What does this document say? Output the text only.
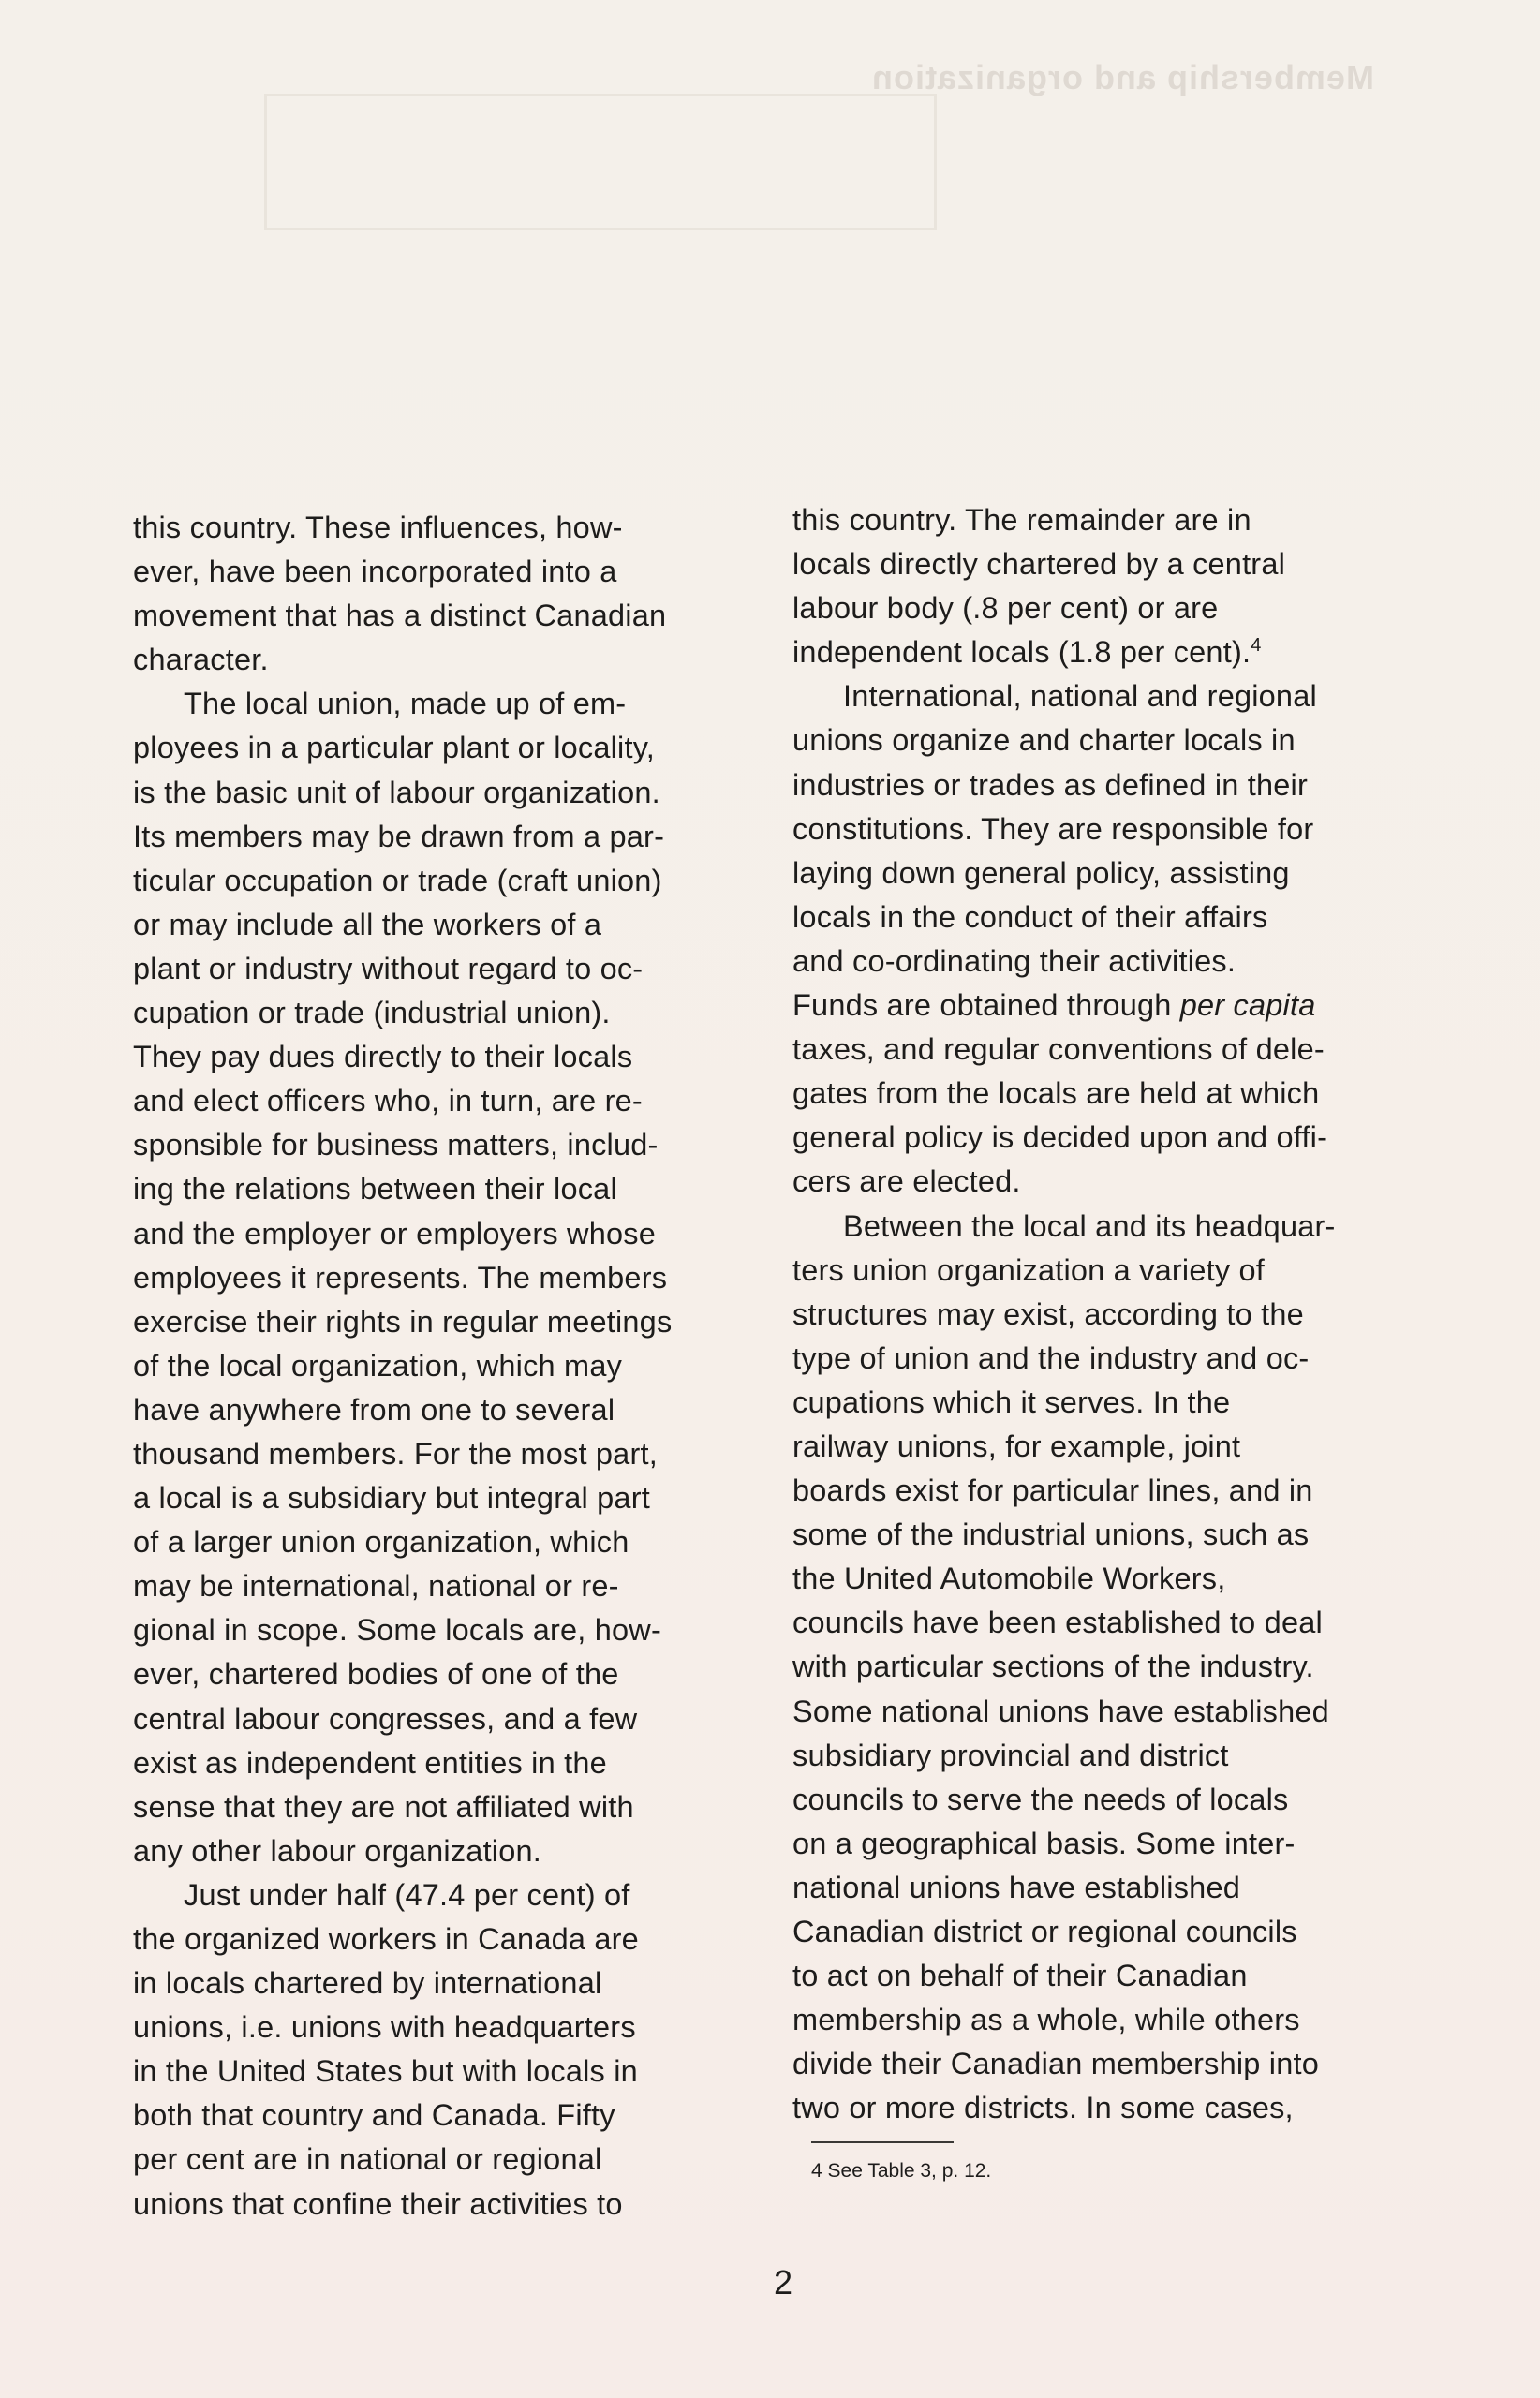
Membership and organization

this country. These influences, how-

ever, have been incorporated into a

movement that has a distinct Canadian

character.

The local union, made up of em-

ployees in a particular plant or locality,

is the basic unit of labour organization.

Its members may be drawn from a par-

ticular occupation or trade (craft union)

or may include all the workers of a

plant or industry without regard to oc-

cupation or trade (industrial union).

They pay dues directly to their locals

and elect officers who, in turn, are re-

sponsible for business matters, includ-

ing the relations between their local

and the employer or employers whose

employees it represents. The members

exercise their rights in regular meetings

of the local organization, which may

have anywhere from one to several

thousand members. For the most part,

a local is a subsidiary but integral part

of a larger union organization, which

may be international, national or re-

gional in scope. Some locals are, how-

ever, chartered bodies of one of the

central labour congresses, and a few

exist as independent entities in the

sense that they are not affiliated with

any other labour organization.

Just under half (47.4 per cent) of

the organized workers in Canada are

in locals chartered by international

unions, i.e. unions with headquarters

in the United States but with locals in

both that country and Canada. Fifty

per cent are in national or regional

unions that confine their activities to

this country. The remainder are in

locals directly chartered by a central

labour body (.8 per cent) or are

independent locals (1.8 per cent).$^4$

International, national and regional

unions organize and charter locals in

industries or trades as defined in their

constitutions. They are responsible for

laying down general policy, assisting

locals in the conduct of their affairs

and co-ordinating their activities.

Funds are obtained through per capita

taxes, and regular conventions of dele-

gates from the locals are held at which

general policy is decided upon and offi-

cers are elected.

Between the local and its headquar-

ters union organization a variety of

structures may exist, according to the

type of union and the industry and oc-

cupations which it serves. In the

railway unions, for example, joint

boards exist for particular lines, and in

some of the industrial unions, such as

the United Automobile Workers,

councils have been established to deal

with particular sections of the industry.

Some national unions have established

subsidiary provincial and district

councils to serve the needs of locals

on a geographical basis. Some inter-

national unions have established

Canadian district or regional councils

to act on behalf of their Canadian

membership as a whole, while others

divide their Canadian membership into

two or more districts. In some cases,

4 See Table 3, p. 12.
2
